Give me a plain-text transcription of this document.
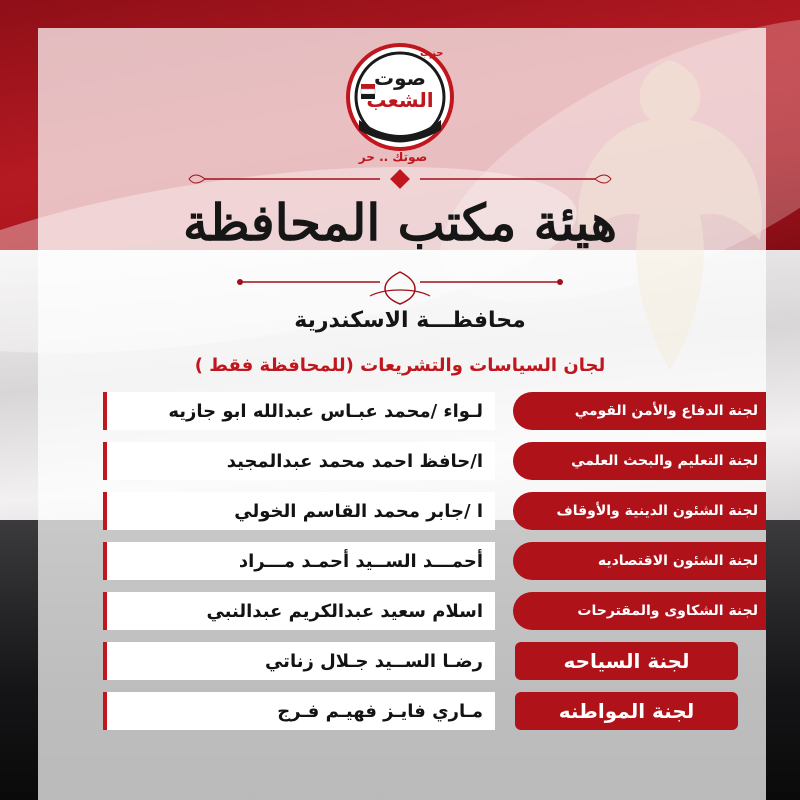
حزب
صوت
الشعب
صوتك .. حر
هيئة مكتب المحافظة
محافظـــة الاسكندرية
لجان السياسات والتشريعات (للمحافظة فقط )
لـواء /محمد عبـاس عبدالله ابو جازيه	لجنة الدفاع والأمن القومي
ا/حافظ احمد محمد عبدالمجيد	لجنة التعليم والبحث العلمي
ا /جابر محمد القاسم الخولي	لجنة الشئون الدينية والأوقاف
أحمـــد الســيد أحمـد مـــراد	لجنة الشئون الاقتصاديه
اسلام سعيد عبدالكريم عبدالنبي	لجنة الشكاوى والمقترحات
رضـا الســيد جـلال زناتي	لجنة السياحه
مـاري فايـز فهيـم فـرج	لجنة المواطنه
